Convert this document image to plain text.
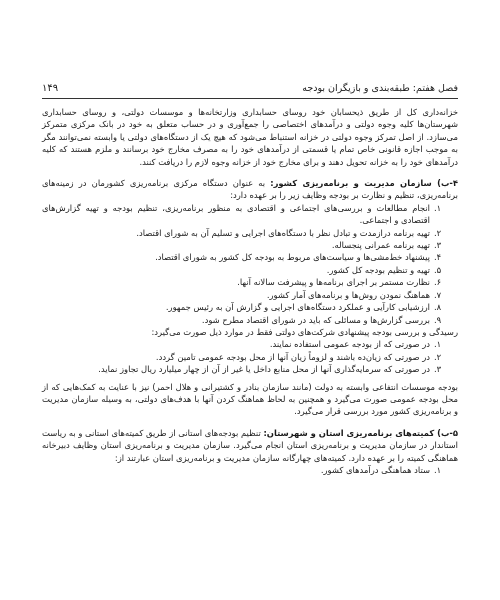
فصل هفتم: طبقه‌بندی و بازیگران بودجه
۱۴۹

خزانه‌داری کل از طریق ذیحسابان خود روسای حسابداری وزارتخانه‌ها و موسسات دولتی، و روسای حسابداری شهرستان‌ها کلیه وجوه دولتی و درآمدهای اختصاصی را جمع‌آوری و در حساب متعلق به خود در بانک مرکزی متمرکز می‌سازد. از اصل تمرکز وجوه دولتی در خزانه استنباط می‌شود که هیچ یک از دستگاه‌های دولتی یا وابسته نمی‌توانند مگر به موجب اجازه قانونی خاص تمام یا قسمتی از درآمدهای خود را به مصرف مخارج خود برسانند و ملزم هستند که کلیه درآمدهای خود را به خزانه تحویل دهند و برای مخارج خود از خزانه وجوه لازم را دریافت کنند.

۴-ب) سازمان مدیریت و برنامه‌ریزی کشور: به عنوان دستگاه مرکزی برنامه‌ریزی کشورمان در زمینه‌های برنامه‌ریزی، تنظیم و نظارت بر بودجه وظایف زیر را بر عهده دارد:

۱.
انجام مطالعات و بررسی‌های اجتماعی و اقتصادی به منظور برنامه‌ریزی، تنظیم بودجه و تهیه گزارش‌های اقتصادی و اجتماعی.
۲.
تهیه برنامه درازمدت و تبادل نظر با دستگاه‌های اجرایی و تسلیم آن به شورای اقتصاد.
۳.
تهیه برنامه عمرانی پنجساله.
۴.
پیشنهاد خط‌مشی‌ها و سیاست‌های مربوط به بودجه کل کشور به شورای اقتصاد.
۵.
تهیه و تنظیم بودجه کل کشور.
۶.
نظارت مستمر بر اجرای برنامه‌ها و پیشرفت سالانه آنها.
۷.
هماهنگ نمودن روش‌ها و برنامه‌های آمار کشور.
۸.
ارزشیابی کارآیی و عملکرد دستگاه‌های اجرایی و گزارش آن به رئیس جمهور.
۹.
بررسی گزارش‌ها و مسائلی که باید در شورای اقتصاد مطرح شود.

رسیدگی و بررسی بودجه پیشنهادی شرکت‌های دولتی فقط در موارد ذیل صورت می‌گیرد:

۱.
در صورتی که از بودجه عمومی استفاده نمایند.
۲.
در صورتی که زیان‌ده باشند و لزوماً زیان آنها از محل بودجه عمومی تامین گردد.
۳.
در صورتی که سرمایه‌گذاری آنها از محل منابع داخل یا غیر از آن از چهار میلیارد ریال تجاوز نماید.

بودجه موسسات انتفاعی وابسته به دولت (مانند سازمان بنادر و کشتیرانی و هلال احمر) نیز با عنایت به کمک‌هایی که از محل بودجه عمومی صورت می‌گیرد و همچنین به لحاظ هماهنگ کردن آنها با هدف‌های دولتی، به وسیله سازمان مدیریت و برنامه‌ریزی کشور مورد بررسی قرار می‌گیرد.

۵-ب) کمیته‌های برنامه‌ریزی استان و شهرستان: تنظیم بودجه‌های استانی از طریق کمیته‌های استانی و به ریاست استاندار در سازمان مدیریت و برنامه‌ریزی استان انجام می‌گیرد. سازمان مدیریت و برنامه‌ریزی استان وظایف دبیرخانه هماهنگی کمیته را بر عهده دارد. کمیته‌های چهارگانه سازمان مدیریت و برنامه‌ریزی استان عبارتند از:

۱.
ستاد هماهنگی درآمدهای کشور.
